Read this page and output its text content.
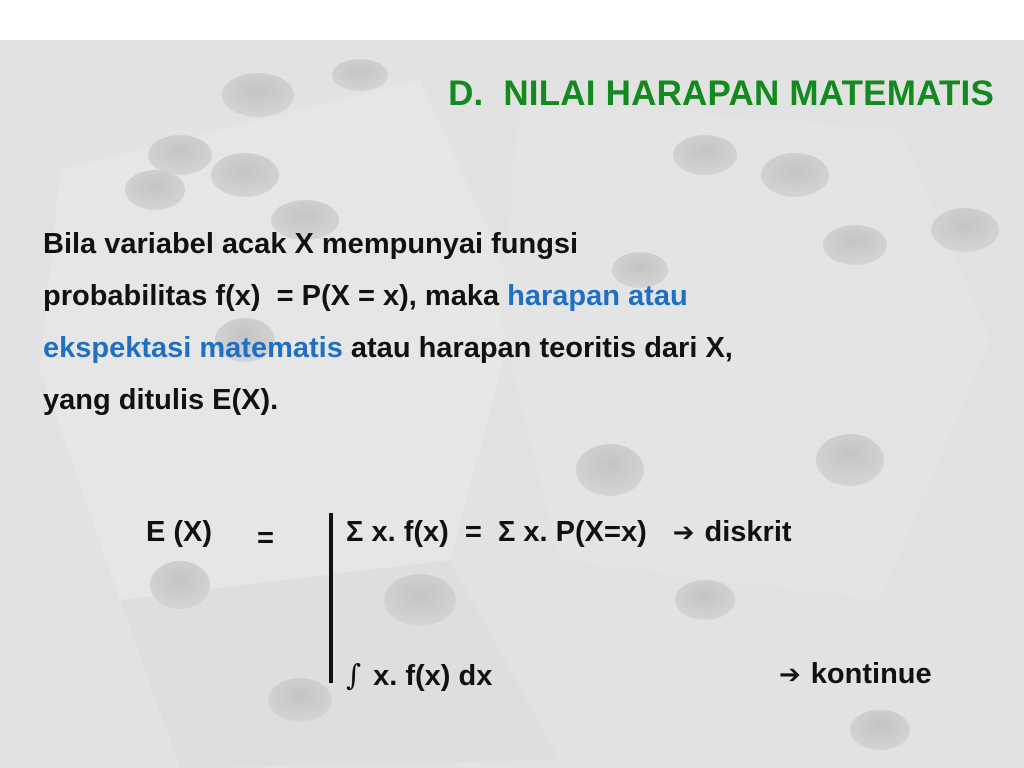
D.  NILAI HARAPAN MATEMATIS
Bila variabel acak X mempunyai fungsi
probabilitas f(x)  = P(X = x), maka harapan atau
ekspektasi matematis atau harapan teoritis dari X,
yang ditulis E(X).
E (X) = Σ x. f(x)  =  Σ x. P(X=x) ➔ diskrit
∫ x. f(x) dx	➔ kontinue
